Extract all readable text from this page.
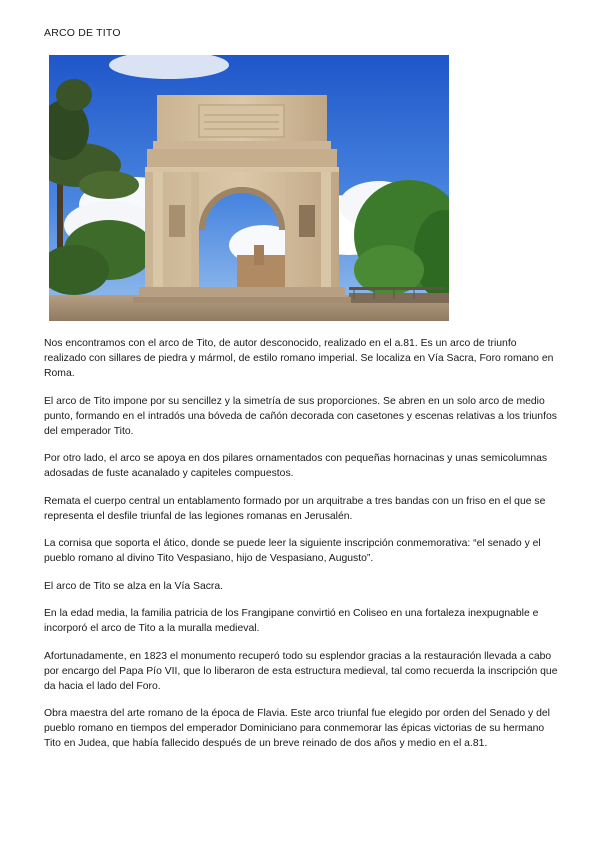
ARCO DE TITO

Nos encontramos con el arco de Tito, de autor desconocido, realizado en el a.81. Es un arco de triunfo realizado con sillares de piedra y mármol, de estilo romano imperial. Se localiza en Vía Sacra, Foro romano en Roma.

El arco de Tito impone por su sencillez y la simetría de sus proporciones. Se abren en un solo arco de medio punto, formando en el intradós una bóveda de cañón decorada con casetones y escenas relativas a los triunfos del emperador Tito.

Por otro lado, el arco se apoya en dos pilares ornamentados con pequeñas hornacinas y unas semicolumnas adosadas de fuste acanalado y capiteles compuestos.

Remata el cuerpo central un entablamento formado por un arquitrabe a tres bandas con un friso en el que se representa el desfile triunfal de las legiones romanas en Jerusalén.

La cornisa que soporta el ático, donde se puede leer la siguiente inscripción conmemorativa: “el senado y el pueblo romano al divino Tito Vespasiano, hijo de Vespasiano, Augusto”.

El arco de Tito se alza en la Vía Sacra.

En la edad media, la familia patricia de los Frangipane convirtió en Coliseo en una fortaleza inexpugnable e incorporó el arco de Tito a la muralla medieval.

Afortunadamente, en 1823 el monumento recuperó todo su esplendor gracias a la restauración llevada a cabo por encargo del Papa Pío VII, que lo liberaron de esta estructura medieval, tal como recuerda la inscripción que da hacia el lado del Foro.

Obra maestra del arte romano de la época de Flavia. Este arco triunfal fue elegido por orden del Senado y del pueblo romano en tiempos del emperador Dominiciano para conmemorar las épicas victorias de su hermano Tito en Judea, que había fallecido después de un breve reinado de dos años y medio en el a.81.
